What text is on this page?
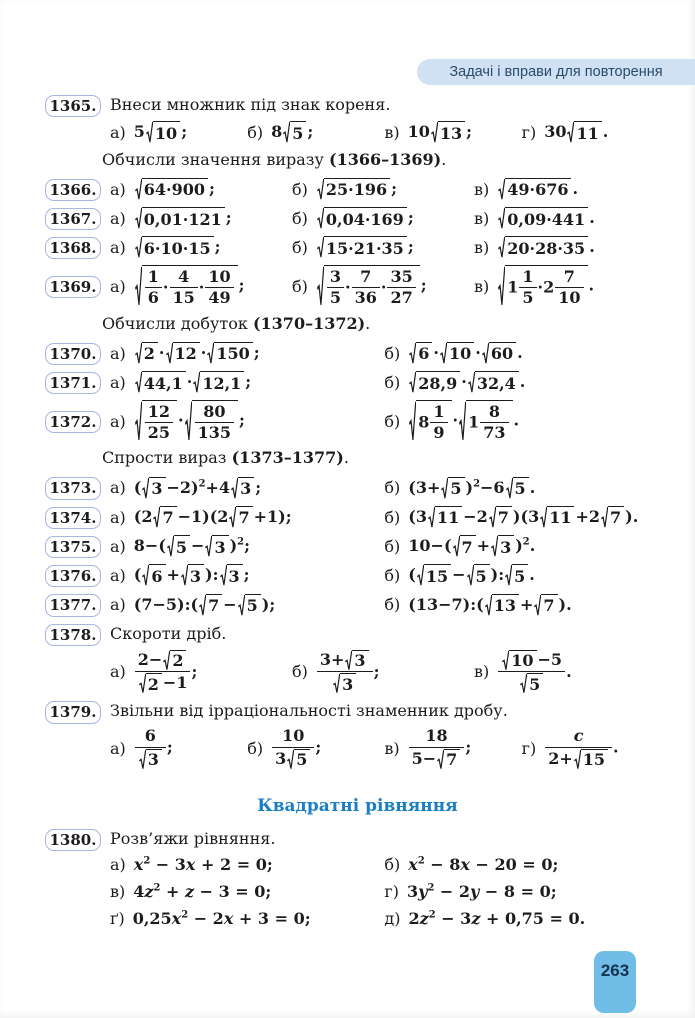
Задачі і вправи для повторення
1365. Внеси множник під знак кореня.
а) 5 10 ;	б) 8 5 ;	в) 10 13 ;	г) 30 11 .
Обчисли значення виразу (1366–1369).
1366. а) 64·900 ;	б) 25·196 ;	в) 49·676 .
1367. а) 0,01·121 ;	б) 0,04·169 ;	в) 0,09·441 .
1368. а) 6·10·15 ;	б) 15·21·35 ;	в) 20·28·35 .
1369. $а) \frac{1}{6} \cdot \frac{4}{15} \cdot \frac{10}{49}$ ;	$б) \frac{3}{5} \cdot \frac{7}{36} \cdot \frac{35}{27}$ ;	в) $1 \frac{1}{5} \cdot 2 \frac{7}{10}$ .
Обчисли добуток (1370–1372).
1370. а) 2 · 12 · 150 ;	б) 6 · 10 · 60 .
1371. а) 44,1 · 12,1 ;	б) 28,9 · 32,4 .
1372. $а) \frac{12}{25} \cdot \frac{80}{135}$ ;	б) $8 \frac{1}{9} \cdot 1 \frac{8}{73}$ .
Спрости вираз (1373–1377).
1373. а) ( 3 −2)$^2$+4 3 ;	б) (3+ 5 )$^2$−6 5 .
1374. а) (2 7 −1)(2 7 +1);	б) (3 11 −2 7 )(3 11 +2 7 ).
1375. а) 8−( 5 − 3 )$^2$;	б) 10−( 7 + 3 )$^2$.
1376. а) ( 6 + 3 ): 3 ;	б) ( 15 − 5 ): 5 .
1377. а) (7−5):( 7 − 5 );	б) (13−7):( 13 + 7 ).
1378. Скороти дріб.
$а) \frac{2- 2}{2 -1}$ ;	$б) \frac{3+ 3}{3}$ ;	$в) \frac{10 -5}{5}$ .
1379. Звільни від ірраціональності знаменник дробу.
$а) \frac{6}{3}$ ;	$б) \frac{10}{3 5}$ ;	$в) \frac{18}{5- 7}$ ;	$г) \frac{c}{2+ 15}$ .
Квадратні рівняння
1380. Розв’яжи рівняння.
а) $x^2 - 3x + 2 = 0$;	б) $x^2 - 8x - 20 = 0$;
в) $4z^2 + z - 3 = 0$;	г) $3y^2 - 2y - 8 = 0$;
ґ) $0,25x^2 - 2x + 3 = 0$;	д) $2z^2 - 3z + 0,75 = 0$.
263
